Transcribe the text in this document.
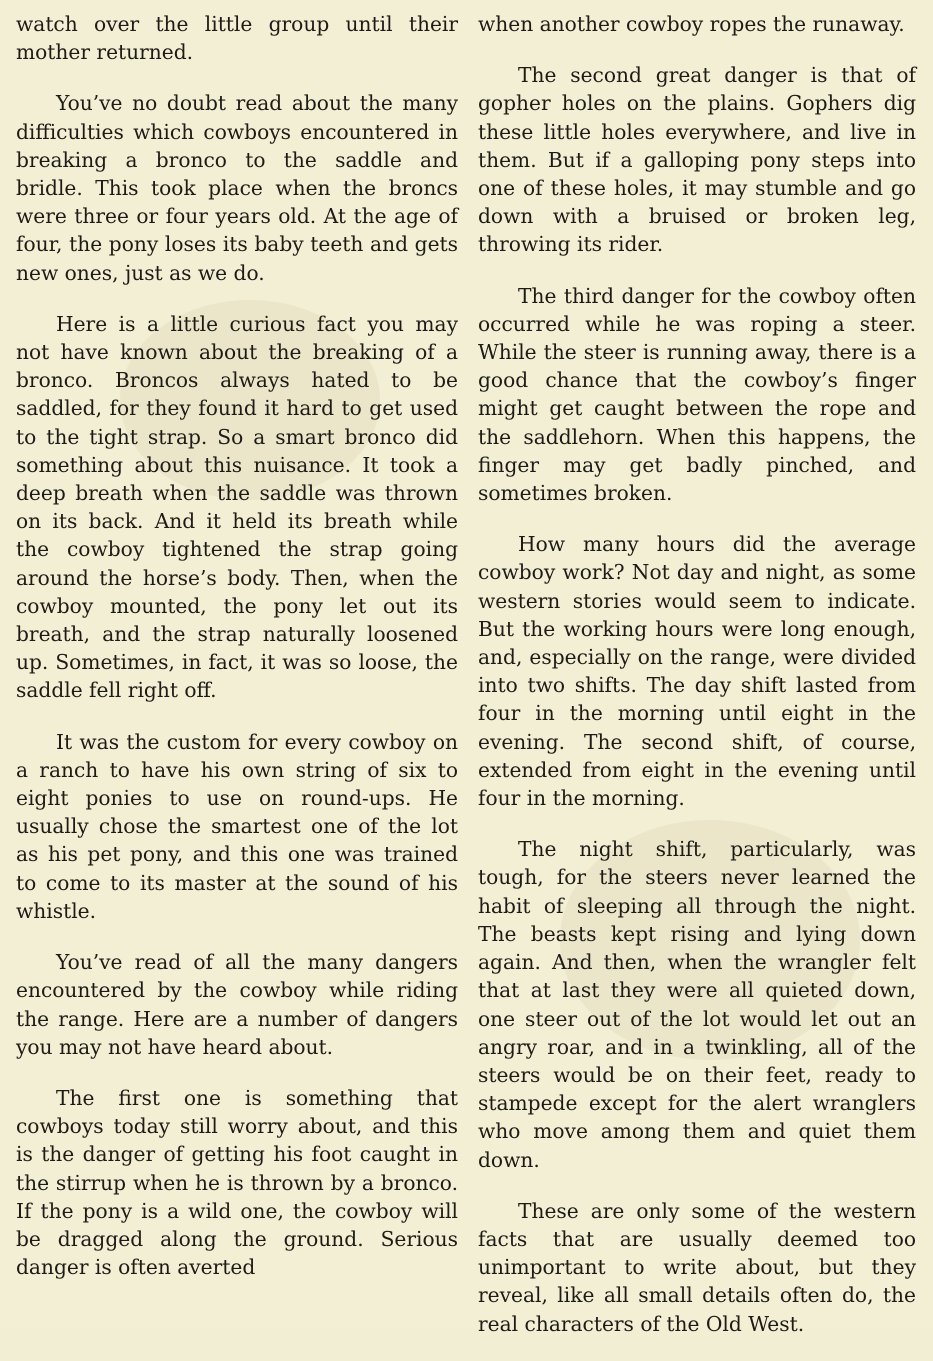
watch over the little group until their mother returned.

You’ve no doubt read about the many difficulties which cowboys encountered in breaking a bronco to the saddle and bridle. This took place when the broncs were three or four years old. At the age of four, the pony loses its baby teeth and gets new ones, just as we do.

Here is a little curious fact you may not have known about the breaking of a bronco. Broncos always hated to be saddled, for they found it hard to get used to the tight strap. So a smart bronco did something about this nuisance. It took a deep breath when the saddle was thrown on its back. And it held its breath while the cowboy tightened the strap going around the horse’s body. Then, when the cowboy mounted, the pony let out its breath, and the strap naturally loosened up. Sometimes, in fact, it was so loose, the saddle fell right off.

It was the custom for every cowboy on a ranch to have his own string of six to eight ponies to use on round-ups. He usually chose the smartest one of the lot as his pet pony, and this one was trained to come to its master at the sound of his whistle.

You’ve read of all the many dangers encountered by the cowboy while riding the range. Here are a number of dangers you may not have heard about.

The first one is something that cowboys today still worry about, and this is the danger of getting his foot caught in the stirrup when he is thrown by a bronco. If the pony is a wild one, the cowboy will be dragged along the ground. Serious danger is often averted

when another cowboy ropes the runaway.

The second great danger is that of gopher holes on the plains. Gophers dig these little holes everywhere, and live in them. But if a galloping pony steps into one of these holes, it may stumble and go down with a bruised or broken leg, throwing its rider.

The third danger for the cowboy often occurred while he was roping a steer. While the steer is running away, there is a good chance that the cowboy’s finger might get caught between the rope and the saddlehorn. When this happens, the finger may get badly pinched, and sometimes broken.

How many hours did the average cowboy work? Not day and night, as some western stories would seem to indicate. But the working hours were long enough, and, especially on the range, were divided into two shifts. The day shift lasted from four in the morning until eight in the evening. The second shift, of course, extended from eight in the evening until four in the morning.

The night shift, particularly, was tough, for the steers never learned the habit of sleeping all through the night. The beasts kept rising and lying down again. And then, when the wrangler felt that at last they were all quieted down, one steer out of the lot would let out an angry roar, and in a twinkling, all of the steers would be on their feet, ready to stampede except for the alert wranglers who move among them and quiet them down.

These are only some of the western facts that are usually deemed too unimportant to write about, but they reveal, like all small details often do, the real characters of the Old West.
